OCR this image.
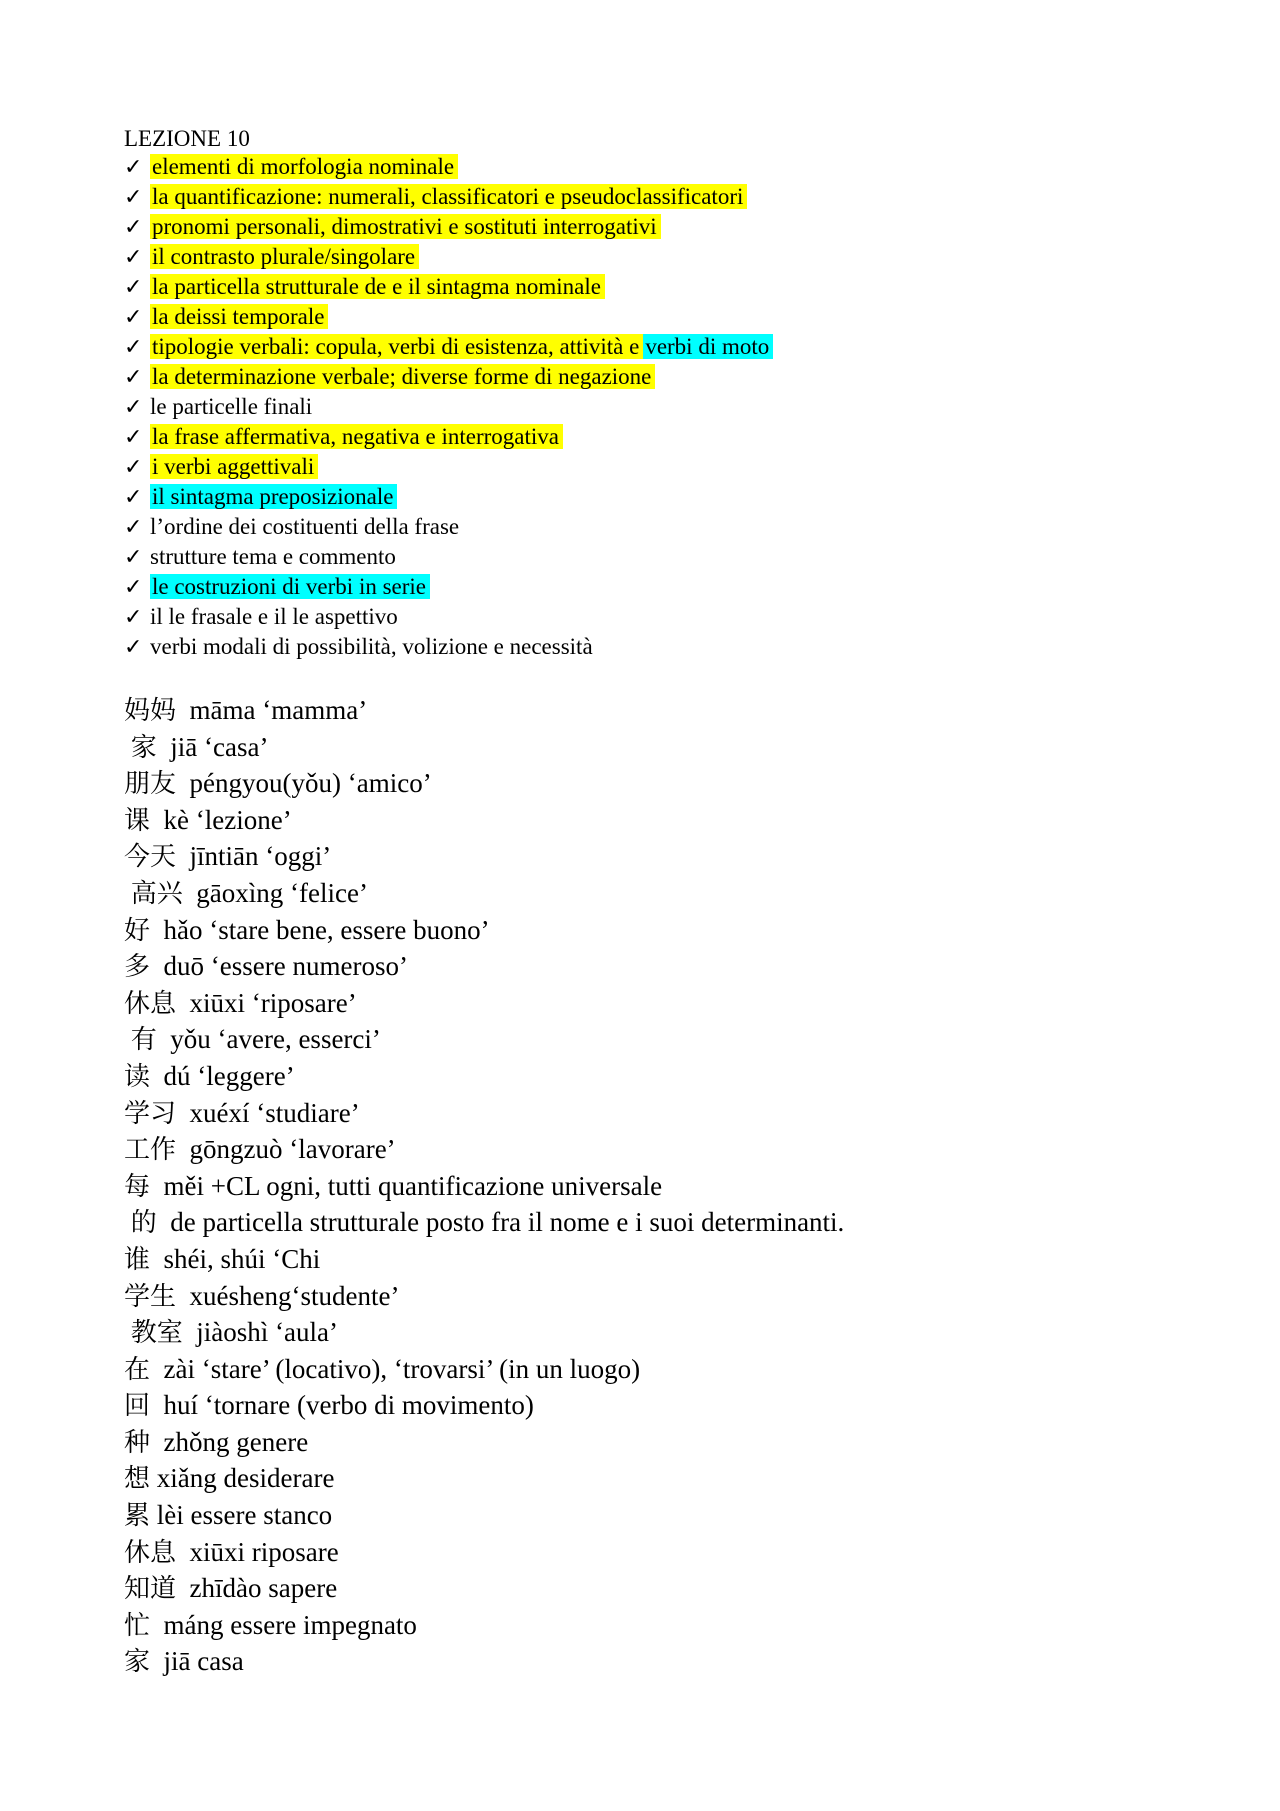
LEZIONE 10
✓ elementi di morfologia nominale
✓ la quantificazione: numerali, classificatori e pseudoclassificatori
✓ pronomi personali, dimostrativi e sostituti interrogativi
✓ il contrasto plurale/singolare
✓ la particella strutturale de e il sintagma nominale
✓ la deissi temporale
✓ tipologie verbali: copula, verbi di esistenza, attività e verbi di moto
✓ la determinazione verbale; diverse forme di negazione
✓ le particelle finali
✓ la frase affermativa, negativa e interrogativa
✓ i verbi aggettivali
✓ il sintagma preposizionale
✓ l’ordine dei costituenti della frase
✓ strutture tema e commento
✓ le costruzioni di verbi in serie
✓ il le frasale e il le aspettivo
✓ verbi modali di possibilità, volizione e necessità
妈妈  māma ‘mamma’
家  jiā ‘casa’
朋友  péngyou(yǒu) ‘amico’
课  kè ‘lezione’
今天  jīntiān ‘oggi’
高兴  gāoxìng ‘felice’
好  hǎo ‘stare bene, essere buono’
多  duō ‘essere numeroso’
休息  xiūxi ‘riposare’
有  yǒu ‘avere, esserci’
读  dú ‘leggere’
学习  xuéxí ‘studiare’
工作  gōngzuò ‘lavorare’
每  měi +CL ogni, tutti quantificazione universale
的  de particella strutturale posto fra il nome e i suoi determinanti.
谁  shéi, shúi ‘Chi
学生  xuésheng‘studente’
教室  jiàoshì ‘aula’
在  zài ‘stare’ (locativo), ‘trovarsi’ (in un luogo)
回  huí ‘tornare (verbo di movimento)
种  zhǒng genere
想 xiǎng desiderare
累 lèi essere stanco
休息  xiūxi riposare
知道  zhīdào sapere
忙  máng essere impegnato
家  jiā casa
